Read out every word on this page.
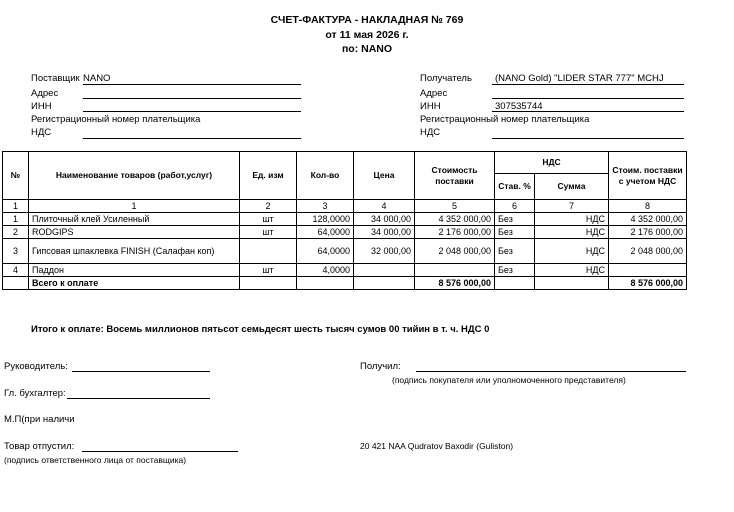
СЧЕТ-ФАКТУРА - НАКЛАДНАЯ № 769
от 11 мая 2026 г.
по: NANO
Поставщик NANO
Адрес
ИНН
Регистрационный номер плательщика
НДС
Получатель (NANO Gold) "LIDER STAR 777" MCHJ
Адрес
ИНН	307535744
Регистрационный номер плательщика
НДС
№	Наименование товаров (работ,услуг)	Ед. изм	Кол-во	Цена	Стоимость поставки	НДС		Стоим. поставки с учетом НДС
						Став. %	Сумма	
1	1	2	3	4	5	6	7	8
1	Плиточный клей Усиленный	шт	128,0000	34 000,00	4 352 000,00	Без	НДС	4 352 000,00
2	RODGIPS	шт	64,0000	34 000,00	2 176 000,00	Без	НДС	2 176 000,00
3	Гипсовая шпаклевка FINISH (Салафан коп)		64,0000	32 000,00	2 048 000,00	Без	НДС	2 048 000,00
4	Паддон	шт	4,0000			Без	НДС	
	Всего к оплате				8 576 000,00			8 576 000,00
Итого к оплате: Восемь миллионов пятьсот семьдесят шесть тысяч сумов 00 тийин в т. ч. НДС 0
Руководитель:
Гл. бухгалтер:
М.П(при наличи
Товар отпустил:
(подпись ответственного лица от поставщика)
Получил:
(подпись покупателя или уполномоченного представителя)
20 421 NAA Qudratov Baxodir (Guliston)
